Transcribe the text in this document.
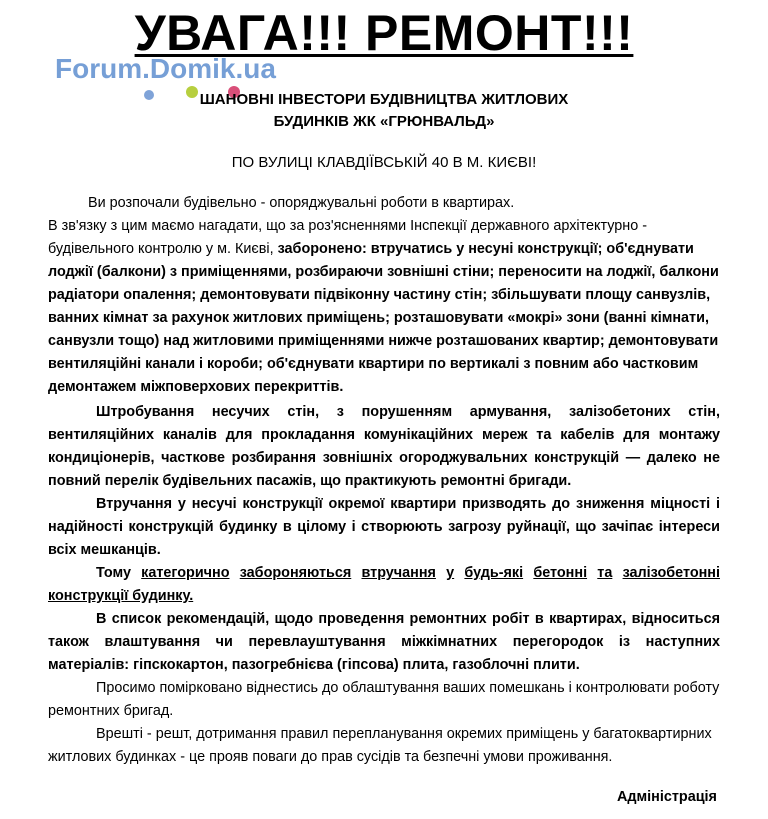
УВАГА!!! РЕМОНТ!!!
Forum.Domik.ua
ШАНОВНІ ІНВЕСТОРИ БУДІВНИЦТВА ЖИТЛОВИХ
БУДИНКІВ ЖК «ГРЮНВАЛЬД»
ПО ВУЛИЦІ КЛАВДІЇВСЬКІЙ 40 В М. КИЄВІ!

Ви розпочали будівельно - опоряджувальні роботи в квартирах.

В зв'язку з цим маємо нагадати, що за роз'ясненнями Інспекції державного архітектурно - будівельного контролю у м. Києві, заборонено: втручатись у несуні конструкції; об'єднувати лоджії (балкони) з приміщеннями, розбираючи зовнішні стіни; переносити на лоджії, балкони радіатори опалення; демонтовувати підвіконну частину стін; збільшувати площу санвузлів, ванних кімнат за рахунок житлових приміщень; розташовувати «мокрі» зони (ванні кімнати, санвузли тощо) над житловими приміщеннями нижче розташованих квартир; демонтовувати вентиляційні канали і короби; об'єднувати квартири по вертикалі з повним або частковим демонтажем міжповерхових перекриттів.

Штробування несучих стін, з порушенням армування, залізобетоних стін, вентиляційних каналів для прокладання комунікаційних мереж та кабелів для монтажу кондиціонерів, часткове розбирання зовнішніх огороджувальних конструкцій — далеко не повний перелік будівельних пасажів, що практикують ремонтні бригади.

Втручання у несучі конструкції окремої квартири призводять до зниження міцності і надійності конструкцій будинку в цілому і створюють загрозу руйнації, що зачіпає інтереси всіх мешканців.

Тому категорично забороняються втручання у будь-які бетонні та залізобетонні конструкції будинку.

В список рекомендацій, щодо проведення ремонтних робіт в квартирах, відноситься також влаштування чи перевлауштування міжкімнатних перегородок із наступних матеріалів: гіпскокартон, пазогребнієва (гіпсова) плита, газоблочні плити.

Просимо поміркованo віднестись до облаштування ваших помешкань і контролювати роботу ремонтних бригад.

Врешті - решт, дотримання правил перепланування окремих приміщень у багатоквартирних житлових будинках - це прояв поваги до прав сусідів та безпечні умови проживання.

Адміністрація
